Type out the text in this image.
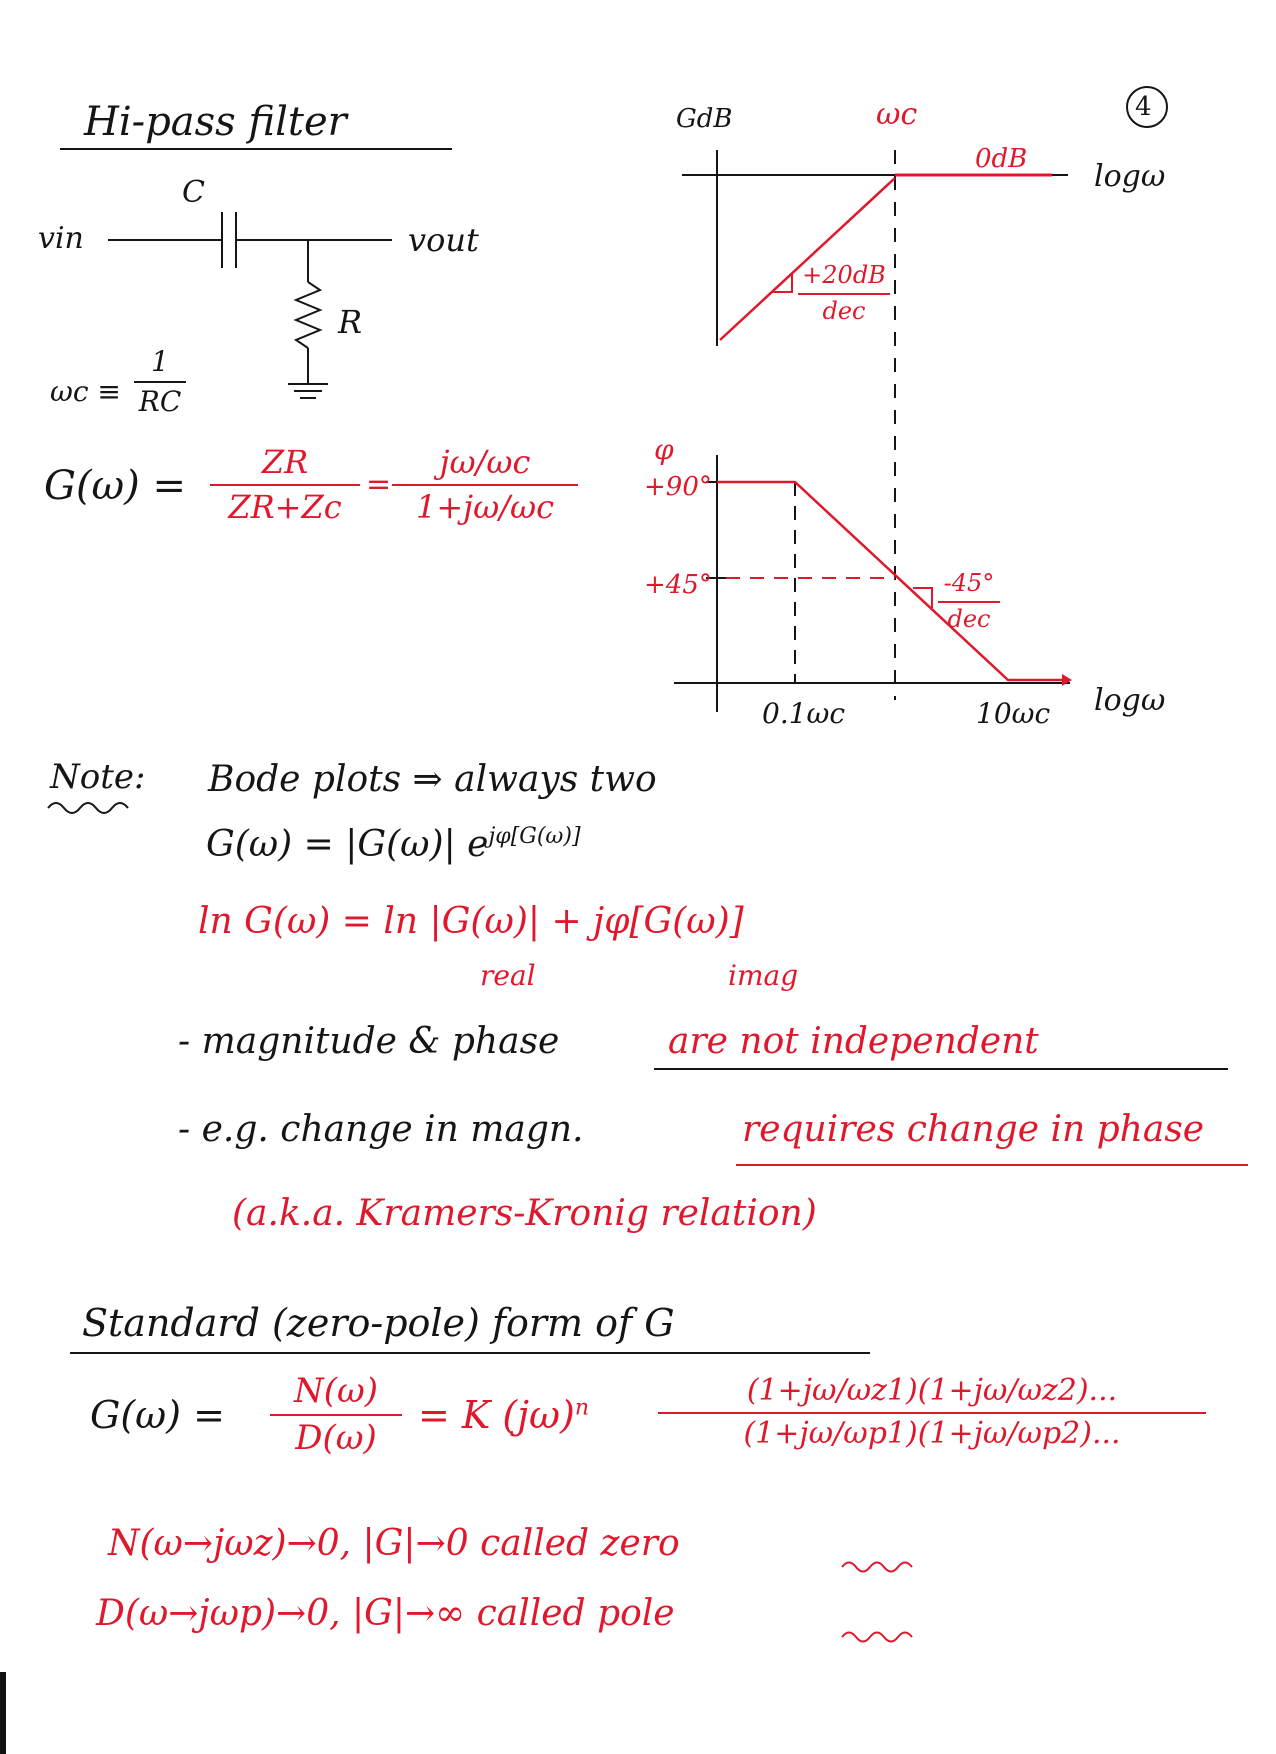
Hi-pass filter	4
C
R
vin	vout
ωc ≡
1
RC
G(ω) =
ZR
ZR+Zc
=
jω/ωc
1+jω/ωc
GdB	ωc
0dB logω
+20dB
dec
φ
+90°
+45°	-45°
dec
0.1ωc	10ωc logω
Note: Bode plots ⇒ always two
G(ω) = |G(ω)| $e^{j\varphi[G(\omega)]}$
ln G(ω) = ln |G(ω)| + jφ[G(ω)]
real	imag
- magnitude & phase	are not independent
- e.g. change in magn.	requires change in phase
(a.k.a. Kramers-Kronig relation)
Standard (zero-pole) form of G
G(ω) =
N(ω)
D(ω)
= K $(j\omega)^n$	(1+jω/ωz1)(1+jω/ωz2)...
(1+jω/ωp1)(1+jω/ωp2)...
N(ω→jωz)→0, |G|→0 called zero
D(ω→jωp)→0, |G|→∞ called pole
